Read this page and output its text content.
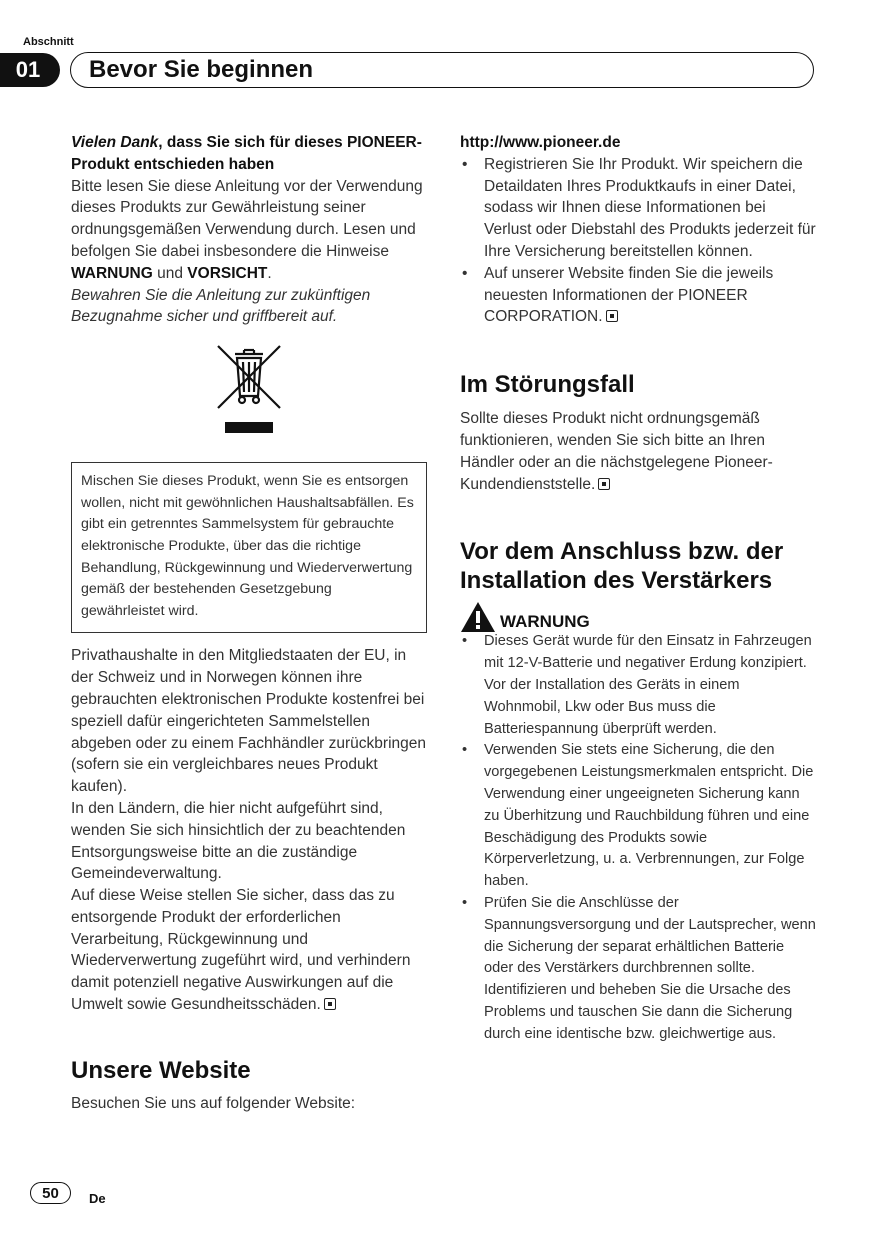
Abschnitt
01	Bevor Sie beginnen

Vielen Dank, dass Sie sich für dieses PIONEER-Produkt entschieden haben

Bitte lesen Sie diese Anleitung vor der Verwendung dieses Produkts zur Gewährleistung seiner ordnungsgemäßen Verwendung durch. Lesen und befolgen Sie dabei insbesondere die Hinweise WARNUNG und VORSICHT.

Bewahren Sie die Anleitung zur zukünftigen Bezugnahme sicher und griffbereit auf.

Mischen Sie dieses Produkt, wenn Sie es entsorgen wollen, nicht mit gewöhnlichen Haushaltsabfällen. Es gibt ein getrenntes Sammelsystem für gebrauchte elektronische Produkte, über das die richtige Behandlung, Rückgewinnung und Wiederverwertung gemäß der bestehenden Gesetzgebung gewährleistet wird.

Privathaushalte in den Mitgliedstaaten der EU, in der Schweiz und in Norwegen können ihre gebrauchten elektronischen Produkte kostenfrei bei speziell dafür eingerichteten Sammelstellen abgeben oder zu einem Fachhändler zurückbringen (sofern sie ein vergleichbares neues Produkt kaufen).

In den Ländern, die hier nicht aufgeführt sind, wenden Sie sich hinsichtlich der zu beachtenden Entsorgungsweise bitte an die zuständige Gemeindeverwaltung.

Auf diese Weise stellen Sie sicher, dass das zu entsorgende Produkt der erforderlichen Verarbeitung, Rückgewinnung und Wiederverwertung zugeführt wird, und verhindern damit potenziell negative Auswirkungen auf die Umwelt sowie Gesundheitsschäden.

Unsere Website

Besuchen Sie uns auf folgender Website:

http://www.pioneer.de

• Registrieren Sie Ihr Produkt. Wir speichern die Detaildaten Ihres Produktkaufs in einer Datei, sodass wir Ihnen diese Informationen bei Verlust oder Diebstahl des Produkts jederzeit für Ihre Versicherung bereitstellen können.
• Auf unserer Website finden Sie die jeweils neuesten Informationen der PIONEER CORPORATION.
Im Störungsfall

Sollte dieses Produkt nicht ordnungsgemäß funktionieren, wenden Sie sich bitte an Ihren Händler oder an die nächstgelegene Pioneer-Kundendienststelle.

Vor dem Anschluss bzw. der Installation des Verstärkers
WARNUNG
• Dieses Gerät wurde für den Einsatz in Fahrzeugen mit 12-V-Batterie und negativer Erdung konzipiert. Vor der Installation des Geräts in einem Wohnmobil, Lkw oder Bus muss die Batteriespannung überprüft werden.
• Verwenden Sie stets eine Sicherung, die den vorgegebenen Leistungsmerkmalen entspricht. Die Verwendung einer ungeeigneten Sicherung kann zu Überhitzung und Rauchbildung führen und eine Beschädigung des Produkts sowie Körperverletzung, u. a. Verbrennungen, zur Folge haben.
• Prüfen Sie die Anschlüsse der Spannungsversorgung und der Lautsprecher, wenn die Sicherung der separat erhältlichen Batterie oder des Verstärkers durchbrennen sollte. Identifizieren und beheben Sie die Ursache des Problems und tauschen Sie dann die Sicherung durch eine identische bzw. gleichwertige aus.
50	De
